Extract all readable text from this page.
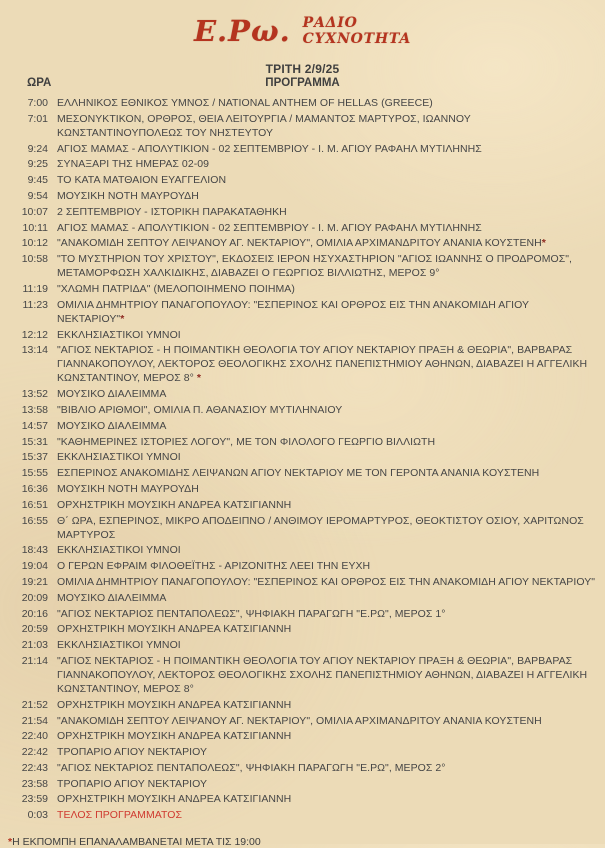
Ε.Ρω. ΡΑΔΙΟ
CYXNOTHTA
ΤΡΙΤΗ 2/9/25
ΩΡΑ	ΠΡΟΓΡΑΜΜΑ
7:00 ΕΛΛΗΝΙΚΟΣ ΕΘΝΙΚΟΣ ΥΜΝΟΣ / NATIONAL ANTHEM OF HELLAS (GREECE)
7:01 ΜΕΣΟΝΥΚΤΙΚΟΝ, ΟΡΘΡΟΣ, ΘΕΙΑ ΛΕΙΤΟΥΡΓΙΑ / ΜΑΜΑΝΤΟΣ ΜΑΡΤΥΡΟΣ, ΙΩΑΝΝΟΥ ΚΩΝΣΤΑΝΤΙΝΟΥΠΟΛΕΩΣ ΤΟΥ ΝΗΣΤΕΥΤΟΥ
9:24 ΑΓΙΟΣ ΜΑΜΑΣ - ΑΠΟΛΥΤΙΚΙΟΝ - 02 ΣΕΠΤΕΜΒΡΙΟΥ - Ι. Μ. ΑΓΙΟΥ ΡΑΦΑΗΛ ΜΥΤΙΛΗΝΗΣ
9:25 ΣΥΝΑΞΑΡΙ ΤΗΣ ΗΜΕΡΑΣ 02-09
9:45 ΤΟ ΚΑΤΑ ΜΑΤΘΑΙΟΝ ΕΥΑΓΓΕΛΙΟΝ
9:54 ΜΟΥΣΙΚΗ ΝΟΤΗ ΜΑΥΡΟΥΔΗ
10:07 2 ΣΕΠΤΕΜΒΡΙΟΥ - ΙΣΤΟΡΙΚΗ ΠΑΡΑΚΑΤΑΘΗΚΗ
10:11 ΑΓΙΟΣ ΜΑΜΑΣ - ΑΠΟΛΥΤΙΚΙΟΝ - 02 ΣΕΠΤΕΜΒΡΙΟΥ - Ι. Μ. ΑΓΙΟΥ ΡΑΦΑΗΛ ΜΥΤΙΛΗΝΗΣ
10:12 "ΑΝΑΚΟΜΙΔΗ ΣΕΠΤΟΥ ΛΕΙΨΑΝΟΥ ΑΓ. ΝΕΚΤΑΡΙΟΥ", ΟΜΙΛΙΑ ΑΡΧΙΜΑΝΔΡΙΤΟΥ ΑΝΑΝΙΑ ΚΟΥΣΤΕΝΗ*
10:58 "ΤΟ ΜΥΣΤΗΡΙΟΝ ΤΟΥ ΧΡΙΣΤΟΥ", ΕΚΔΟΣΕΙΣ ΙΕΡΟΝ ΗΣΥΧΑΣΤΗΡΙΟΝ "ΑΓΙΟΣ ΙΩΑΝΝΗΣ Ο ΠΡΟΔΡΟΜΟΣ", ΜΕΤΑΜΟΡΦΩΣΗ ΧΑΛΚΙΔΙΚΗΣ, ΔΙΑΒΑΖΕΙ Ο ΓΕΩΡΓΙΟΣ ΒΙΛΛΙΩΤΗΣ, ΜΕΡΟΣ 9°
11:19 "ΧΛΩΜΗ ΠΑΤΡΙΔΑ" (ΜΕΛΟΠΟΙΗΜΕΝΟ ΠΟΙΗΜΑ)
11:23 ΟΜΙΛΙΑ ΔΗΜΗΤΡΙΟΥ ΠΑΝΑΓΟΠΟΥΛΟΥ: "ΕΣΠΕΡΙΝΟΣ ΚΑΙ ΟΡΘΡΟΣ ΕΙΣ ΤΗΝ ΑΝΑΚΟΜΙΔΗ ΑΓΙΟΥ ΝΕΚΤΑΡΙΟΥ"*
12:12 ΕΚΚΛΗΣΙΑΣΤΙΚΟΙ ΥΜΝΟΙ
13:14 "ΑΓΙΟΣ ΝΕΚΤΑΡΙΟΣ - Η ΠΟΙΜΑΝΤΙΚΗ ΘΕΟΛΟΓΙΑ ΤΟΥ ΑΓΙΟΥ ΝΕΚΤΑΡΙΟΥ ΠΡΑΞΗ & ΘΕΩΡΙΑ", ΒΑΡΒΑΡΑΣ ΓΙΑΝΝΑΚΟΠΟΥΛΟΥ, ΛΕΚΤΟΡΟΣ ΘΕΟΛΟΓΙΚΗΣ ΣΧΟΛΗΣ ΠΑΝΕΠΙΣΤΗΜΙΟΥ ΑΘΗΝΩΝ, ΔΙΑΒΑΖΕΙ Η ΑΓΓΕΛΙΚΗ ΚΩΝΣΤΑΝΤΙΝΟΥ, ΜΕΡΟΣ 8° *
13:52 ΜΟΥΣΙΚΟ ΔΙΑΛΕΙΜΜΑ
13:58 "ΒΙΒΛΙΟ ΑΡΙΘΜΟΙ", ΟΜΙΛΙΑ Π. ΑΘΑΝΑΣΙΟΥ ΜΥΤΙΛΗΝΑΙΟΥ
14:57 ΜΟΥΣΙΚΟ ΔΙΑΛΕΙΜΜΑ
15:31 "ΚΑΘΗΜΕΡΙΝΕΣ ΙΣΤΟΡΙΕΣ ΛΟΓΟΥ", ΜΕ ΤΟΝ ΦΙΛΟΛΟΓΟ ΓΕΩΡΓΙΟ ΒΙΛΛΙΩΤΗ
15:37 ΕΚΚΛΗΣΙΑΣΤΙΚΟΙ ΥΜΝΟΙ
15:55 ΕΣΠΕΡΙΝΟΣ ΑΝΑΚΟΜΙΔΗΣ ΛΕΙΨΑΝΩΝ ΑΓΙΟΥ ΝΕΚΤΑΡΙΟΥ ΜΕ ΤΟΝ ΓΕΡΟΝΤΑ ΑΝΑΝΙΑ ΚΟΥΣΤΕΝΗ
16:36 ΜΟΥΣΙΚΗ ΝΟΤΗ ΜΑΥΡΟΥΔΗ
16:51 ΟΡΧΗΣΤΡΙΚΗ ΜΟΥΣΙΚΗ ΑΝΔΡΕΑ ΚΑΤΣΙΓΙΑΝΝΗ
16:55 Θ΄ ΩΡΑ, ΕΣΠΕΡΙΝΟΣ, ΜΙΚΡΟ ΑΠΟΔΕΙΠΝΟ / ΑΝΘΙΜΟΥ ΙΕΡΟΜΑΡΤΥΡΟΣ, ΘΕΟΚΤΙΣΤΟΥ ΟΣΙΟΥ, ΧΑΡΙΤΩΝΟΣ ΜΑΡΤΥΡΟΣ
18:43 ΕΚΚΛΗΣΙΑΣΤΙΚΟΙ ΥΜΝΟΙ
19:04 Ο ΓΕΡΩΝ ΕΦΡΑΙΜ ΦΙΛΟΘΕΪΤΗΣ - ΑΡΙΖΟΝΙΤΗΣ ΛΕΕΙ ΤΗΝ ΕΥΧΗ
19:21 ΟΜΙΛΙΑ ΔΗΜΗΤΡΙΟΥ ΠΑΝΑΓΟΠΟΥΛΟΥ: "ΕΣΠΕΡΙΝΟΣ ΚΑΙ ΟΡΘΡΟΣ ΕΙΣ ΤΗΝ ΑΝΑΚΟΜΙΔΗ ΑΓΙΟΥ ΝΕΚΤΑΡΙΟΥ"
20:09 ΜΟΥΣΙΚΟ ΔΙΑΛΕΙΜΜΑ
20:16 "ΑΓΙΟΣ ΝΕΚΤΑΡΙΟΣ ΠΕΝΤΑΠΟΛΕΩΣ", ΨΗΦΙΑΚΗ ΠΑΡΑΓΩΓΗ "Ε.ΡΩ", ΜΕΡΟΣ 1°
20:59 ΟΡΧΗΣΤΡΙΚΗ ΜΟΥΣΙΚΗ ΑΝΔΡΕΑ ΚΑΤΣΙΓΙΑΝΝΗ
21:03 ΕΚΚΛΗΣΙΑΣΤΙΚΟΙ ΥΜΝΟΙ
21:14 "ΑΓΙΟΣ ΝΕΚΤΑΡΙΟΣ - Η ΠΟΙΜΑΝΤΙΚΗ ΘΕΟΛΟΓΙΑ ΤΟΥ ΑΓΙΟΥ ΝΕΚΤΑΡΙΟΥ ΠΡΑΞΗ & ΘΕΩΡΙΑ", ΒΑΡΒΑΡΑΣ ΓΙΑΝΝΑΚΟΠΟΥΛΟΥ, ΛΕΚΤΟΡΟΣ ΘΕΟΛΟΓΙΚΗΣ ΣΧΟΛΗΣ ΠΑΝΕΠΙΣΤΗΜΙΟΥ ΑΘΗΝΩΝ, ΔΙΑΒΑΖΕΙ Η ΑΓΓΕΛΙΚΗ ΚΩΝΣΤΑΝΤΙΝΟΥ, ΜΕΡΟΣ 8°
21:52 ΟΡΧΗΣΤΡΙΚΗ ΜΟΥΣΙΚΗ ΑΝΔΡΕΑ ΚΑΤΣΙΓΙΑΝΝΗ
21:54 "ΑΝΑΚΟΜΙΔΗ ΣΕΠΤΟΥ ΛΕΙΨΑΝΟΥ ΑΓ. ΝΕΚΤΑΡΙΟΥ", ΟΜΙΛΙΑ ΑΡΧΙΜΑΝΔΡΙΤΟΥ ΑΝΑΝΙΑ ΚΟΥΣΤΕΝΗ
22:40 ΟΡΧΗΣΤΡΙΚΗ ΜΟΥΣΙΚΗ ΑΝΔΡΕΑ ΚΑΤΣΙΓΙΑΝΝΗ
22:42 ΤΡΟΠΑΡΙΟ ΑΓΙΟΥ ΝΕΚΤΑΡΙΟΥ
22:43 "ΑΓΙΟΣ ΝΕΚΤΑΡΙΟΣ ΠΕΝΤΑΠΟΛΕΩΣ", ΨΗΦΙΑΚΗ ΠΑΡΑΓΩΓΗ "Ε.ΡΩ", ΜΕΡΟΣ 2°
23:58 ΤΡΟΠΑΡΙΟ ΑΓΙΟΥ ΝΕΚΤΑΡΙΟΥ
23:59 ΟΡΧΗΣΤΡΙΚΗ ΜΟΥΣΙΚΗ ΑΝΔΡΕΑ ΚΑΤΣΙΓΙΑΝΝΗ
0:03 ΤΕΛΟΣ ΠΡΟΓΡΑΜΜΑΤΟΣ
*Η ΕΚΠΟΜΠΗ ΕΠΑΝΑΛΑΜΒΑΝΕΤΑΙ ΜΕΤΑ ΤΙΣ 19:00
